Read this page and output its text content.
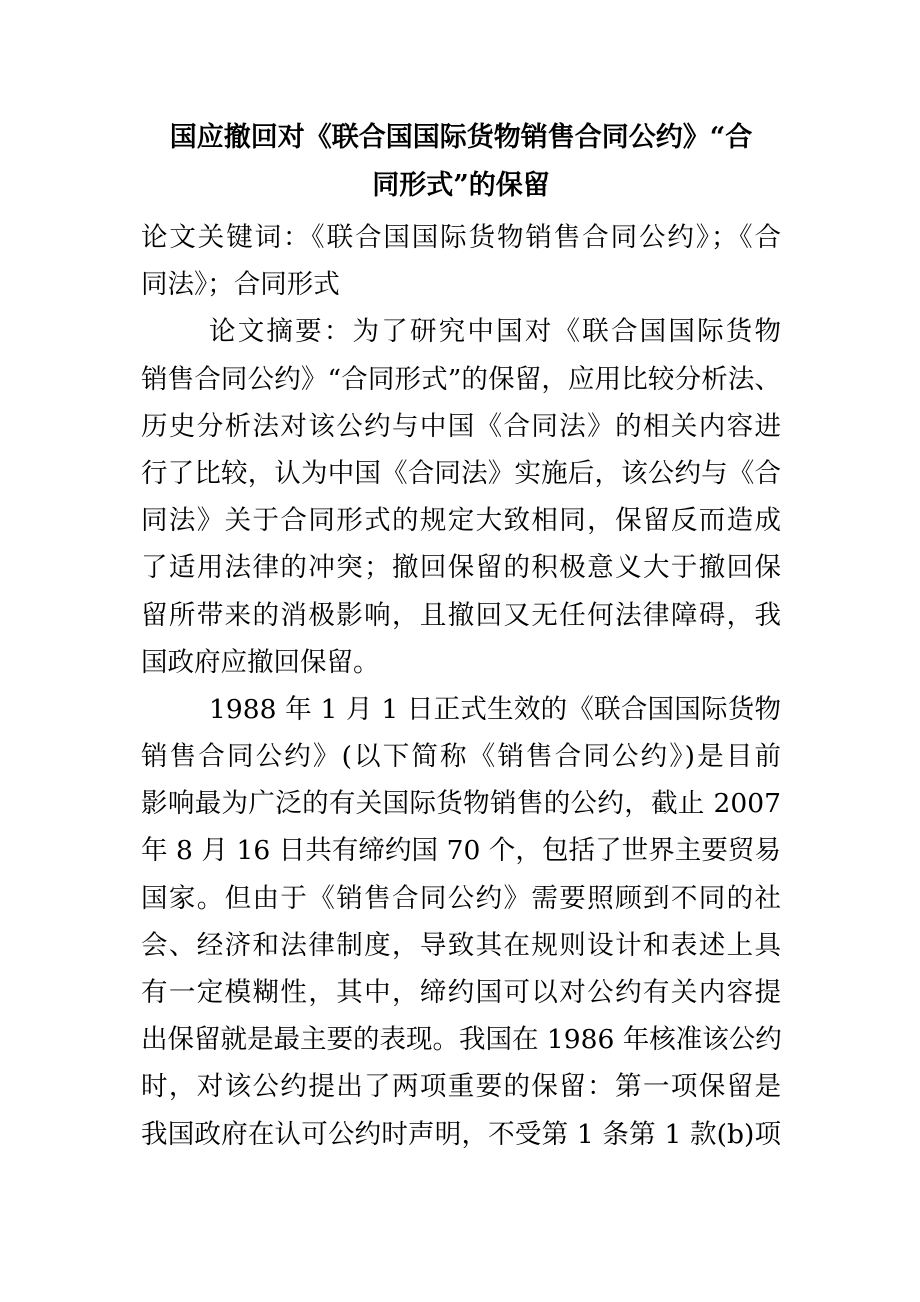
国应撤回对《联合国国际货物销售合同公约》“合
同形式”的保留

论文关键词：《联合国国际货物销售合同公约》；《合
同法》；合同形式

论文摘要：为了研究中国对《联合国国际货物
销售合同公约》“合同形式”的保留，应用比较分析法、
历史分析法对该公约与中国《合同法》的相关内容进
行了比较，认为中国《合同法》实施后，该公约与《合
同法》关于合同形式的规定大致相同，保留反而造成
了适用法律的冲突；撤回保留的积极意义大于撤回保
留所带来的消极影响，且撤回又无任何法律障碍，我
国政府应撤回保留。

1988 年 1 月 1 日正式生效的《联合国国际货物
销售合同公约》(以下简称《销售合同公约》)是目前
影响最为广泛的有关国际货物销售的公约，截止 2007
年 8 月 16 日共有缔约国 70 个，包括了世界主要贸易
国家。但由于《销售合同公约》需要照顾到不同的社
会、经济和法律制度，导致其在规则设计和表述上具
有一定模糊性，其中，缔约国可以对公约有关内容提
出保留就是最主要的表现。我国在 1986 年核准该公约
时，对该公约提出了两项重要的保留：第一项保留是
我国政府在认可公约时声明，不受第 1 条第 1 款(b)项
